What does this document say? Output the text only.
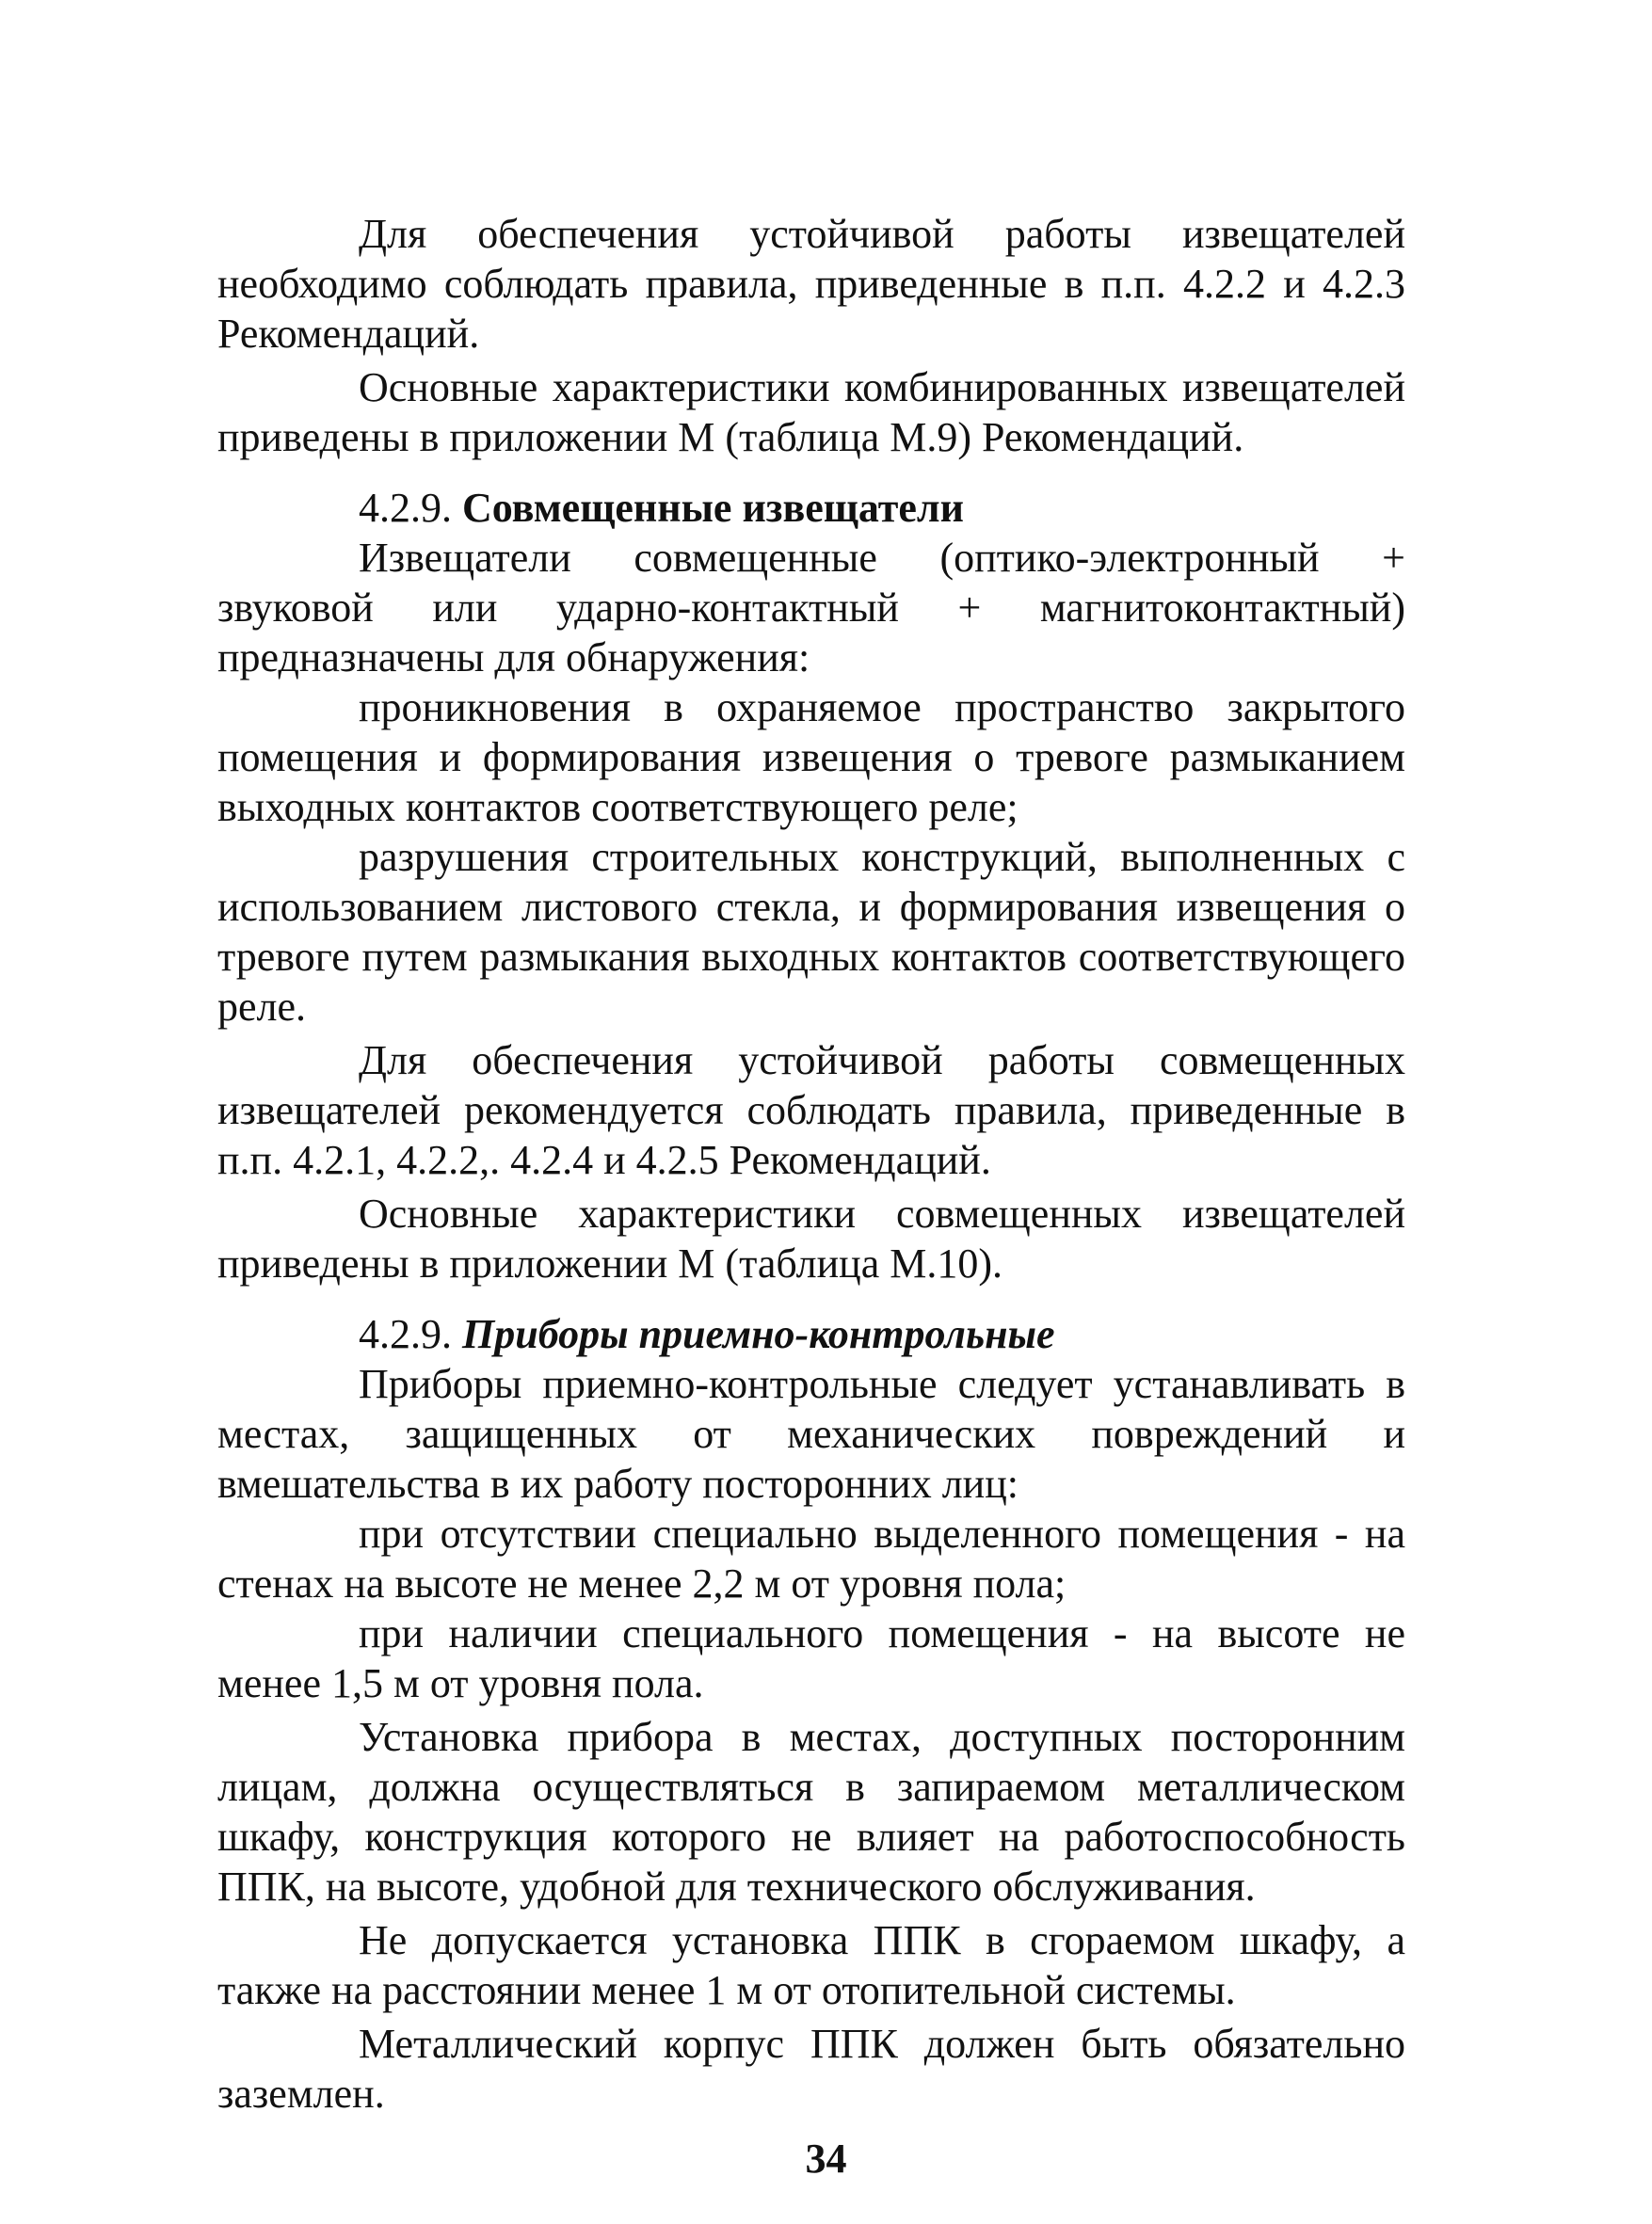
Для обеспечения устойчивой работы извещателей необходимо соблюдать правила, приведенные в п.п. 4.2.2 и 4.2.3 Рекомендаций.

Основные характеристики комбинированных извещателей приведены в приложении М (таблица М.9) Рекомендаций.

4.2.9. Совмещенные извещатели

Извещатели совмещенные (оптико-электронный + звуковой или ударно-контактный + магнитоконтактный) предназначены для обнаружения:

проникновения в охраняемое пространство закрытого помещения и формирования извещения о тревоге размыканием выходных контактов соответствующего реле;

разрушения строительных конструкций, выполненных с использованием листового стекла, и формирования извещения о тревоге путем размыкания выходных контактов соответствующего реле.

Для обеспечения устойчивой работы совмещенных извещателей рекомендуется соблюдать правила, приведенные в п.п. 4.2.1, 4.2.2,. 4.2.4 и 4.2.5 Рекомендаций.

Основные характеристики совмещенных извещателей приведены в приложении М (таблица М.10).

4.2.9. Приборы приемно-контрольные

Приборы приемно-контрольные следует устанавливать в местах, защищенных от механических повреждений и вмешательства в их работу посторонних лиц:

при отсутствии специально выделенного помещения - на стенах на высоте не менее 2,2 м от уровня пола;

при наличии специального помещения - на высоте не менее 1,5 м от уровня пола.

Установка прибора в местах, доступных посторонним лицам, должна осуществляться в запираемом металлическом шкафу, конструкция которого не влияет на работоспособность ППК, на высоте, удобной для технического обслуживания.

Не допускается установка ППК в сгораемом шкафу, а также на расстоянии менее 1 м от отопительной системы.

Металлический корпус ППК должен быть обязательно заземлен.

34
